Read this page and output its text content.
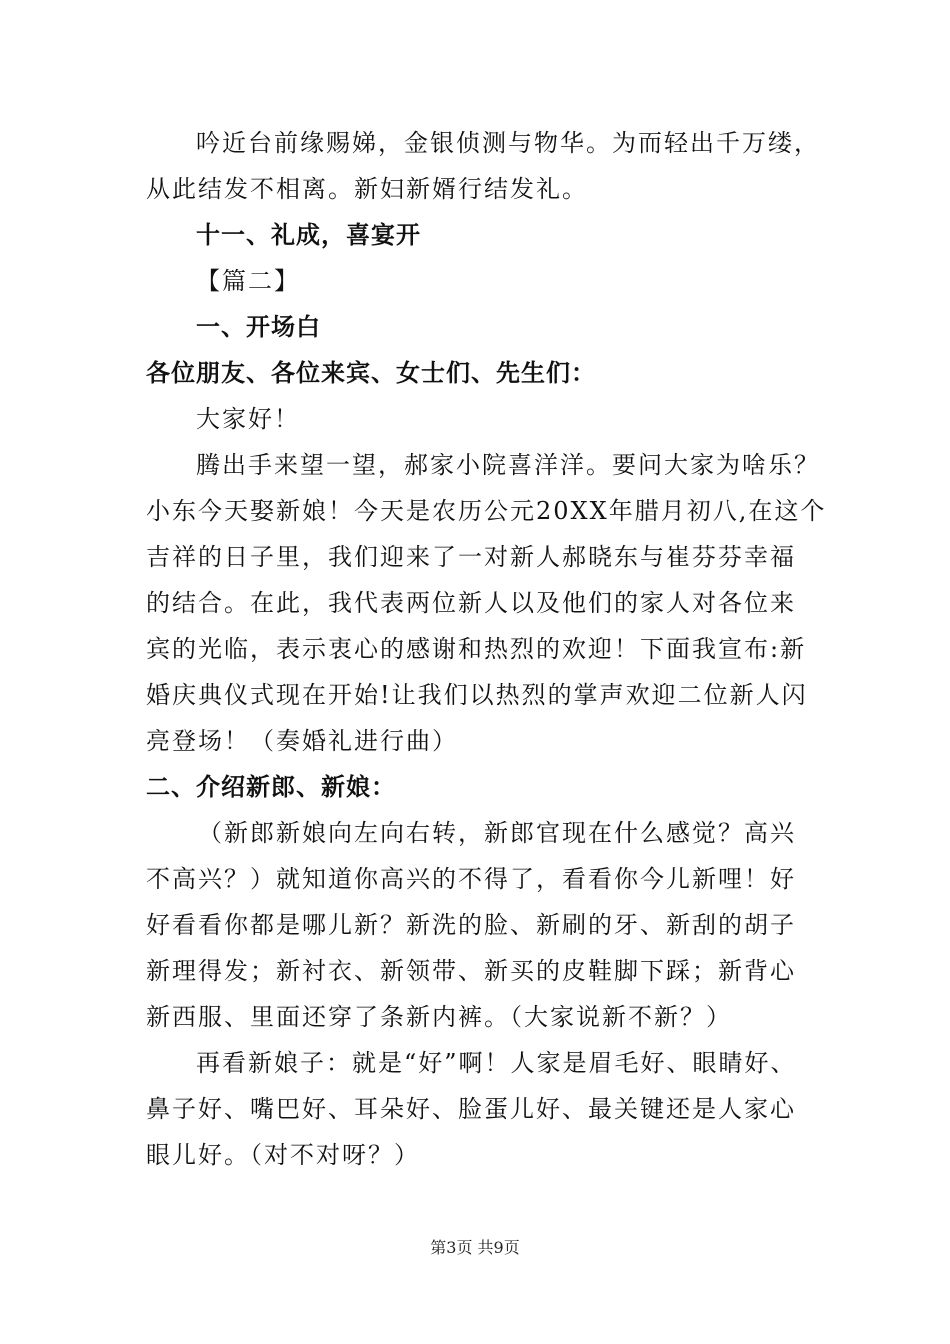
吟近台前缘赐娣，金银侦测与物华。为而轻出千万缕，
从此结发不相离。新妇新婿行结发礼。
十一、礼成，喜宴开
【篇二】
一、开场白
各位朋友、各位来宾、女士们、先生们：
大家好！
腾出手来望一望，郝家小院喜洋洋。要问大家为啥乐？
小东今天娶新娘！今天是农历公元20XX年腊月初八,在这个
吉祥的日子里，我们迎来了一对新人郝晓东与崔芬芬幸福
的结合。在此，我代表两位新人以及他们的家人对各位来
宾的光临，表示衷心的感谢和热烈的欢迎！下面我宣布:新
婚庆典仪式现在开始!让我们以热烈的掌声欢迎二位新人闪
亮登场！（奏婚礼进行曲）
二、介绍新郎、新娘：
（新郎新娘向左向右转，新郎官现在什么感觉？高兴
不高兴？）就知道你高兴的不得了，看看你今儿新哩！好
好看看你都是哪儿新？新洗的脸、新刷的牙、新刮的胡子
新理得发；新衬衣、新领带、新买的皮鞋脚下踩；新背心
新西服、里面还穿了条新内裤。（大家说新不新？）
再看新娘子：就是“好”啊！人家是眉毛好、眼睛好、
鼻子好、嘴巴好、耳朵好、脸蛋儿好、最关键还是人家心
眼儿好。（对不对呀？）
第3页 共9页
